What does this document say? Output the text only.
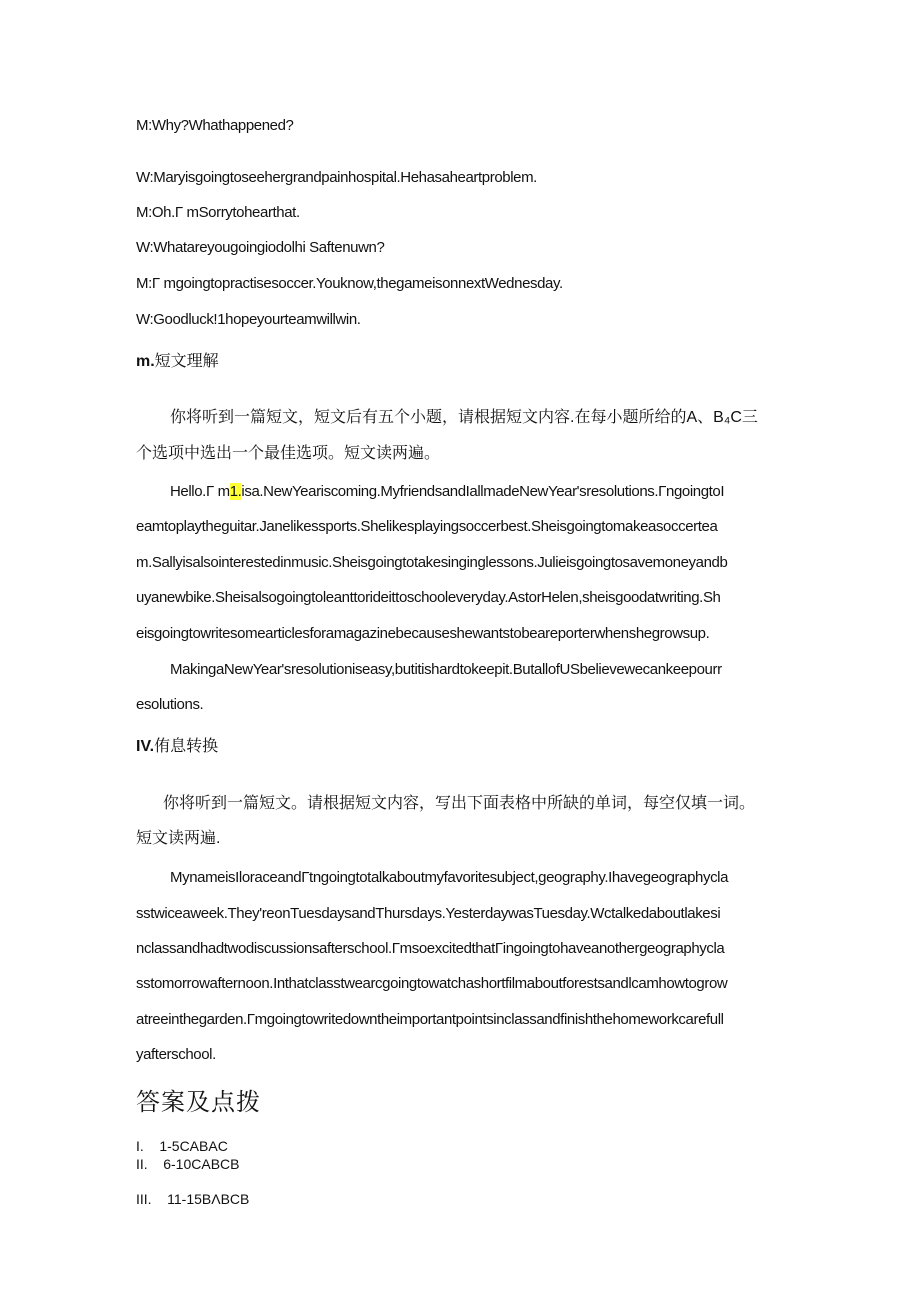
M:Why?Whathappened?

W:Maryisgoingtoseehergrandpainhospital.Hehasaheartproblem.

M:Oh.Γ mSorrytohearthat.

W:Whatareyougoingiodolhi Saftenuwn?

M:Γ mgoingtopractisesoccer.Youknow,thegameisonnextWednesday.

W:Goodluck!1hopeyourteamwillwin.

m.短文理解

你将听到一篇短文，短文后有五个小题，请根据短文内容.在每小题所给的A、B₄C三

个选项中选出一个最佳选项。短文读两遍。

Hello.Γ m1.isa.NewYeariscoming.MyfriendsandIallmadeNewYear'sresolutions.ΓngoingtoI

eamtoplaytheguitar.Janelikessports.Shelikesplayingsoccerbest.Sheisgoingtomakeasoccertea

m.Sallyisalsointerestedinmusic.Sheisgoingtotakesinginglessons.Julieisgoingtosavemoneyandb

uyanewbike.Sheisalsogoingtoleanttorideittoschooleveryday.AstorHelen,sheisgoodatwriting.Sh

eisgoingtowritesomearticlesforamagazinebecauseshewantstobeareporterwhenshegrowsup.

MakingaNewYear'sresolutioniseasy,butitishardtokeepit.ButallofUSbelievewecankeepourr

esolutions.

IV.侑息转换

你将听到一篇短文。请根据短文内容，写出下面表格中所缺的单词，每空仅填一词。

短文读两遍.

MynameisIloraceandΓtngoingtotalkaboutmyfavoritesubject,geography.Ihavegeographycla

sstwiceaweek.They'reonTuesdaysandThursdays.YesterdaywasTuesday.Wctalkedaboutlakesi

nclassandhadtwodiscussionsafterschool.ΓmsoexcitedthatΓingoingtohaveanothergeographycla

sstomorrowafternoon.Inthatclasstwearcgoingtowatchashortfilmaboutforestsandlcamhowtogrow

atreeinthegarden.Γmgoingtowritedowntheimportantpointsinclassandfinishthehomeworkcarefull

yafterschool.

答案及点拨

I.    1-5CABAC

II.    6-10CABCB

III.    11-15BΛBCB
